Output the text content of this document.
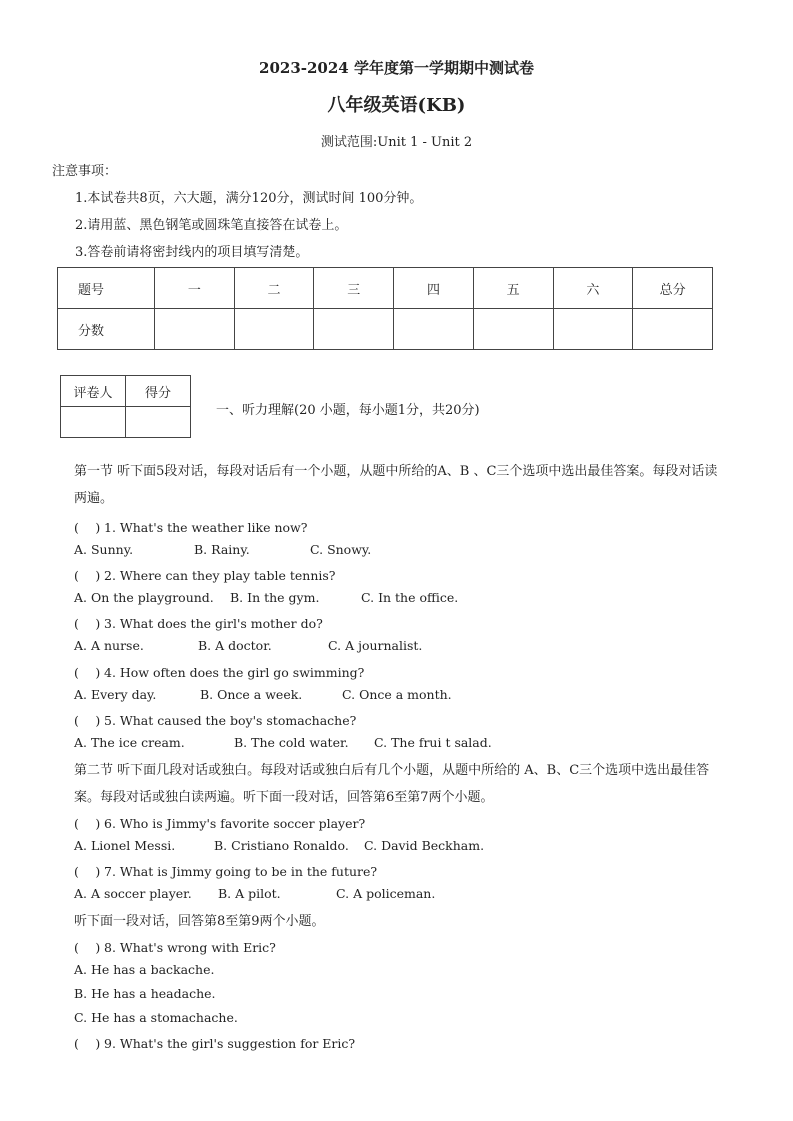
2023-2024 学年度第一学期期中测试卷
八年级英语(KB)
测试范围:Unit 1 - Unit 2
注意事项：
1.本试卷共8页，六大题，满分120分，测试时间 100分钟。
2.请用蓝、黑色钢笔或圆珠笔直接答在试卷上。
3.答卷前请将密封线内的项目填写清楚。
题号	一	二	三	四	五	六	总分
分数							
评卷人	得分

一、听力理解(20 小题，每小题1分，共20分)
第一节 听下面5段对话，每段对话后有一个小题，从题中所给的A、B 、C三个选项中选出最佳答案。每段对话读两遍。
(　 ) 1. What's the weather like now?
A. Sunny.	B. Rainy.	C. Snowy.
(　 ) 2. Where can they play table tennis?
A. On the playground. B. In the gym.	C. In the office.
(　 ) 3. What does the girl's mother do?
A. A nurse.	B. A doctor.	C. A journalist.
(　 ) 4. How often does the girl go swimming?
A. Every day.	B. Once a week.	C. Once a month.
(　 ) 5. What caused the boy's stomachache?
A. The ice cream.	B. The cold water. C. The frui t salad.
第二节 听下面几段对话或独白。每段对话或独白后有几个小题，从题中所给的 A、B、C三个选项中选出最佳答案。每段对话或独白读两遍。听下面一段对话，回答第6至第7两个小题。
(　 ) 6. Who is Jimmy's favorite soccer player?
A. Lionel Messi.	B. Cristiano Ronaldo. C. David Beckham.
(　 ) 7. What is Jimmy going to be in the future?
A. A soccer player. B. A pilot.	C. A policeman.
听下面一段对话，回答第8至第9两个小题。
(　 ) 8. What's wrong with Eric?
A. He has a backache.
B. He has a headache.
C. He has a stomachache.
(　 ) 9. What's the girl's suggestion for Eric?
